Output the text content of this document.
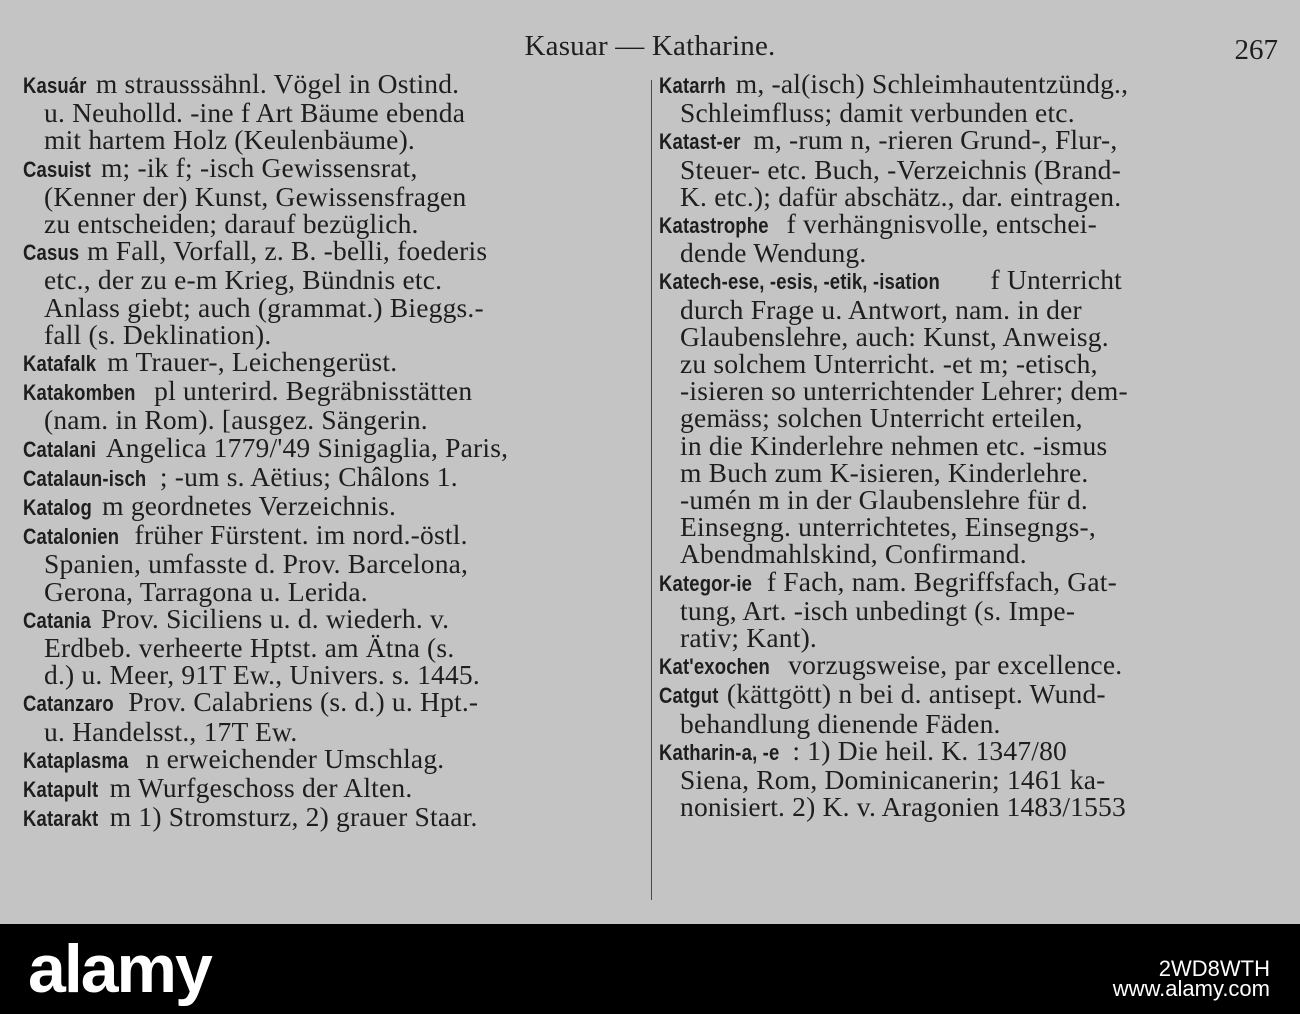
Kasuar — Katharine.	267
Kasuár m strausssähnl. Vögel in Ostind.
u. Neuholld. -ine f Art Bäume ebenda
mit hartem Holz (Keulenbäume).
Casuist m; -ik f; -isch Gewissensrat,
(Kenner der) Kunst, Gewissensfragen
zu entscheiden; darauf bezüglich.
Casus m Fall, Vorfall, z. B. -belli, foederis
etc., der zu e-m Krieg, Bündnis etc.
Anlass giebt; auch (grammat.) Bieggs.-
fall (s. Deklination).
Katafalk m Trauer-, Leichengerüst.
Katakomben pl unterird. Begräbnisstätten
(nam. in Rom). [ausgez. Sängerin.
Catalani Angelica 1779/'49 Sinigaglia, Paris,
Catalaun-isch ; -um s. Aëtius; Châlons 1.
Katalog m geordnetes Verzeichnis.
Catalonien früher Fürstent. im nord.-östl.
Spanien, umfasste d. Prov. Barcelona,
Gerona, Tarragona u. Lerida.
Catania Prov. Siciliens u. d. wiederh. v.
Erdbeb. verheerte Hptst. am Ätna (s.
d.) u. Meer, 91T Ew., Univers. s. 1445.
Catanzaro Prov. Calabriens (s. d.) u. Hpt.-
u. Handelsst., 17T Ew.
Kataplasma n erweichender Umschlag.
Katapult m Wurfgeschoss der Alten.
Katarakt m 1) Stromsturz, 2) grauer Staar.
Katarrh m, -al(isch) Schleimhautentzündg.,
Schleimfluss; damit verbunden etc.
Katast-er m, -rum n, -rieren Grund-, Flur-,
Steuer- etc. Buch, -Verzeichnis (Brand-
K. etc.); dafür abschätz., dar. eintragen.
Katastrophe f verhängnisvolle, entschei-
dende Wendung.
Katech-ese, -esis, -etik, -isation f Unterricht
durch Frage u. Antwort, nam. in der
Glaubenslehre, auch: Kunst, Anweisg.
zu solchem Unterricht. -et m; -etisch,
-isieren so unterrichtender Lehrer; dem-
gemäss; solchen Unterricht erteilen,
in die Kinderlehre nehmen etc. -ismus
m Buch zum K-isieren, Kinderlehre.
-umén m in der Glaubenslehre für d.
Einsegng. unterrichtetes, Einsegngs-,
Abendmahlskind, Confirmand.
Kategor-ie f Fach, nam. Begriffsfach, Gat-
tung, Art. -isch unbedingt (s. Impe-
rativ; Kant).
Kat'exochen vorzugsweise, par excellence.
Catgut (kättgött) n bei d. antisept. Wund-
behandlung dienende Fäden.
Katharin-a, -e : 1) Die heil. K. 1347/80
Siena, Rom, Dominicanerin; 1461 ka-
nonisiert. 2) K. v. Aragonien 1483/1553
alamy	2WD8WTH
www.alamy.com
